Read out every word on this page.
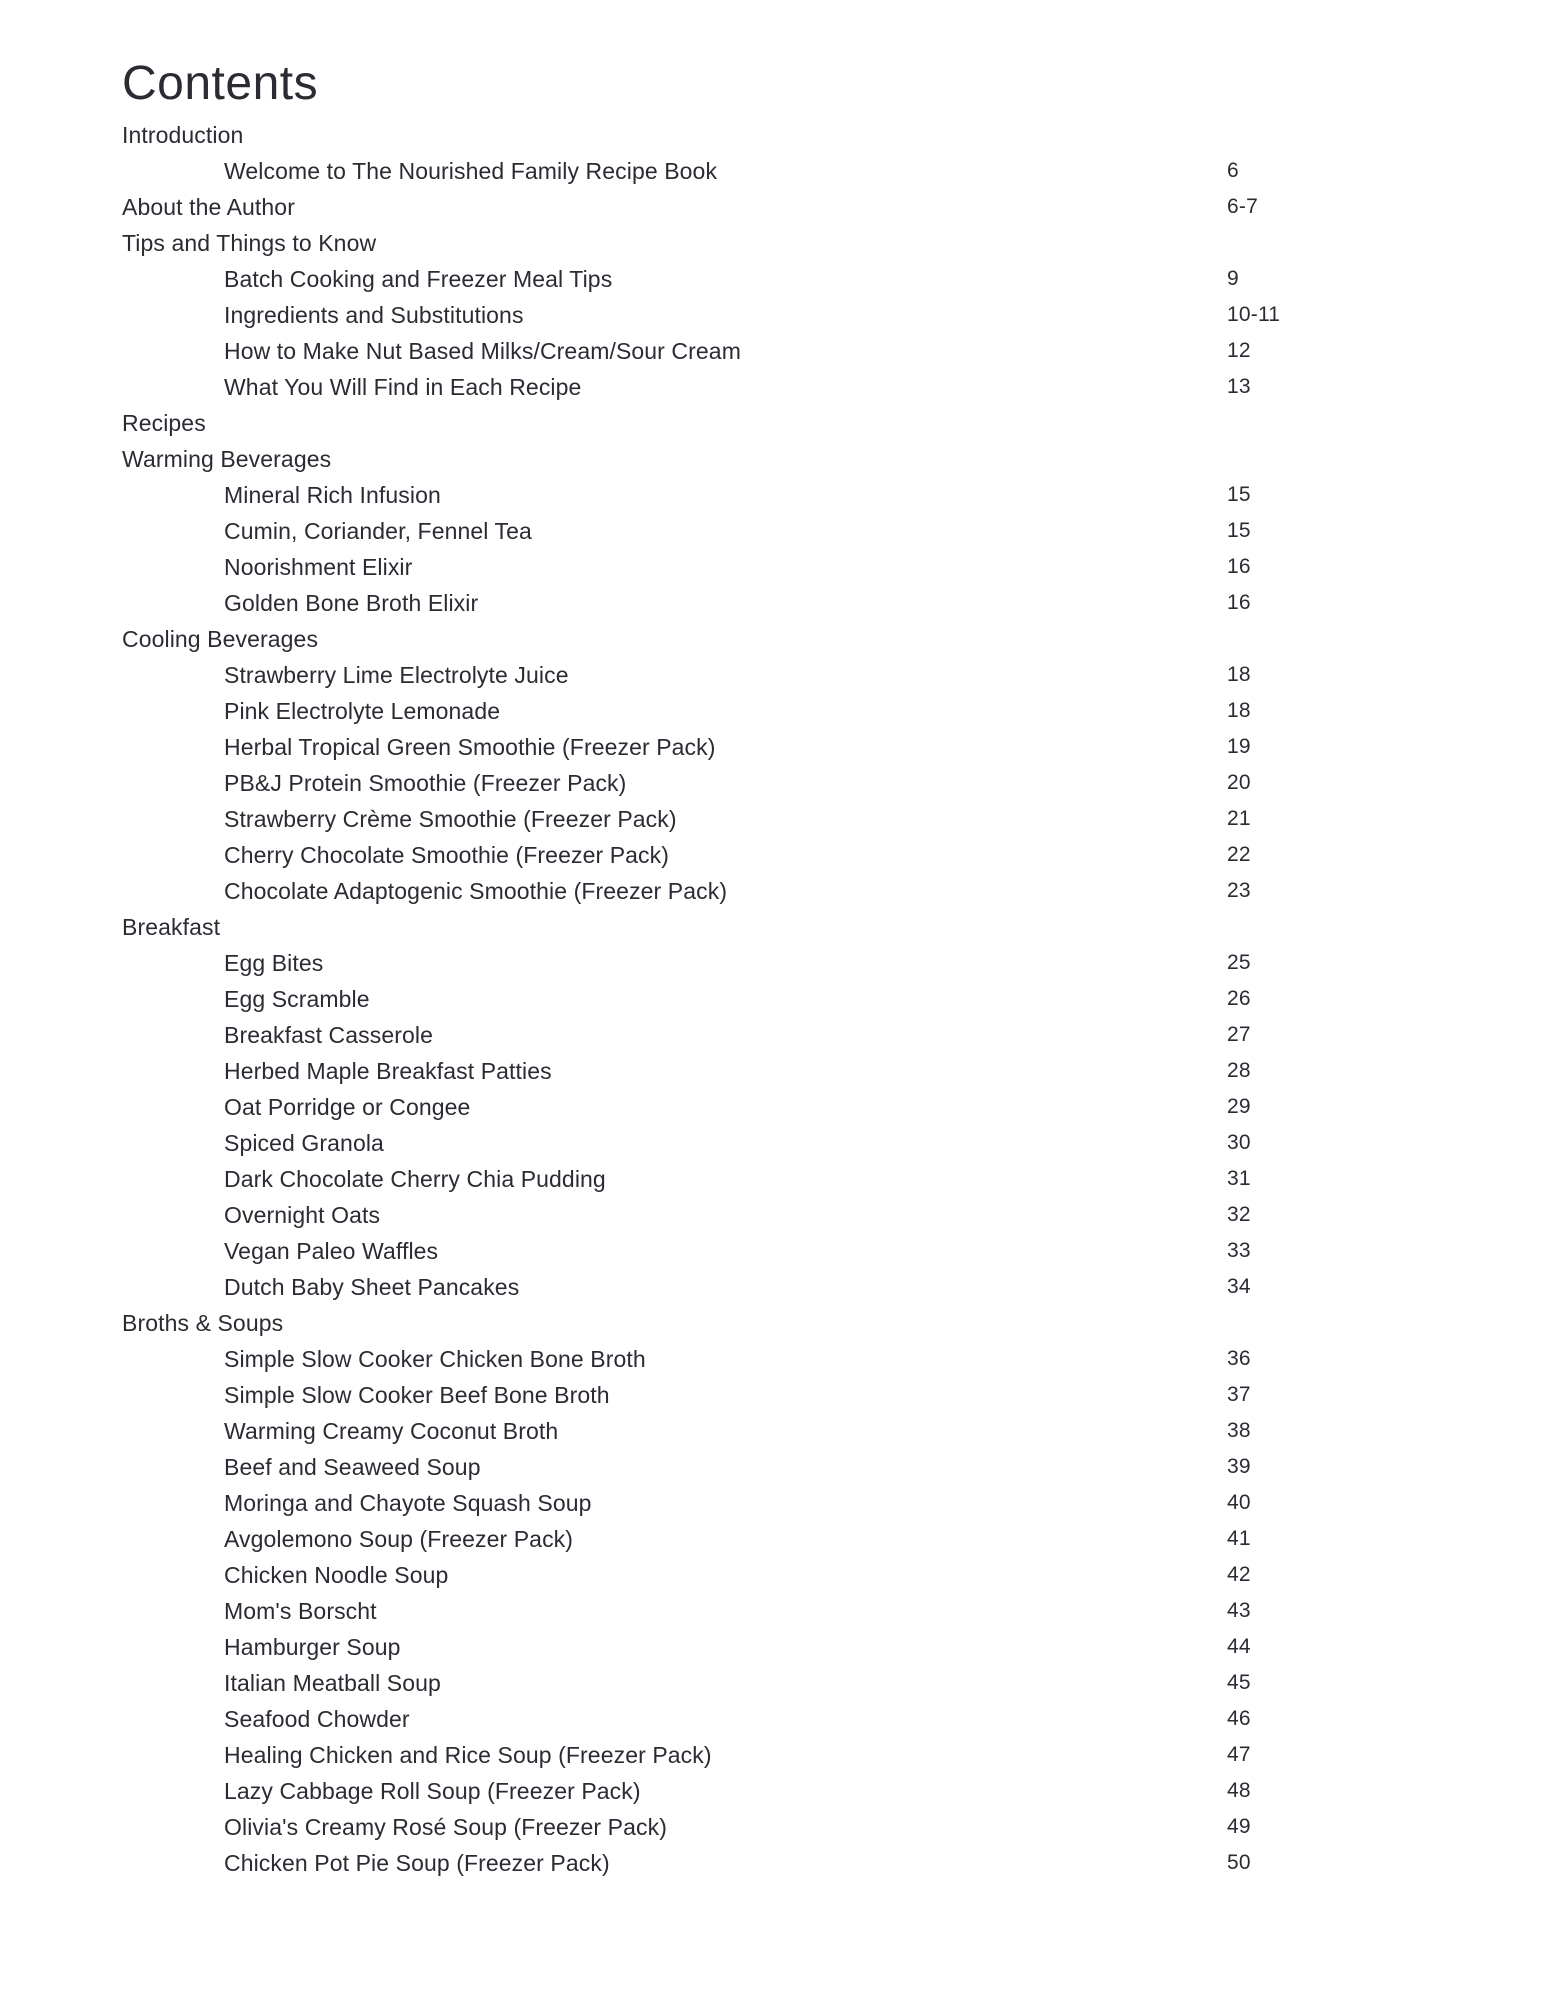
Contents
Introduction
Welcome to The Nourished Family Recipe Book	6
About the Author	6-7
Tips and Things to Know
Batch Cooking and Freezer Meal Tips	9
Ingredients and Substitutions	10-11
How to Make Nut Based Milks/Cream/Sour Cream	12
What You Will Find in Each Recipe	13
Recipes
Warming Beverages
Mineral Rich Infusion	15
Cumin, Coriander, Fennel Tea	15
Noorishment Elixir	16
Golden Bone Broth Elixir	16
Cooling Beverages
Strawberry Lime Electrolyte Juice	18
Pink Electrolyte Lemonade	18
Herbal Tropical Green Smoothie (Freezer Pack)	19
PB&J Protein Smoothie (Freezer Pack)	20
Strawberry Crème Smoothie (Freezer Pack)	21
Cherry Chocolate Smoothie (Freezer Pack)	22
Chocolate Adaptogenic Smoothie (Freezer Pack)	23
Breakfast
Egg Bites	25
Egg Scramble	26
Breakfast Casserole	27
Herbed Maple Breakfast Patties	28
Oat Porridge or Congee	29
Spiced Granola	30
Dark Chocolate Cherry Chia Pudding	31
Overnight Oats	32
Vegan Paleo Waffles	33
Dutch Baby Sheet Pancakes	34
Broths & Soups
Simple Slow Cooker Chicken Bone Broth	36
Simple Slow Cooker Beef Bone Broth	37
Warming Creamy Coconut Broth	38
Beef and Seaweed Soup	39
Moringa and Chayote Squash Soup	40
Avgolemono Soup (Freezer Pack)	41
Chicken Noodle Soup	42
Mom's Borscht	43
Hamburger Soup	44
Italian Meatball Soup	45
Seafood Chowder	46
Healing Chicken and Rice Soup (Freezer Pack)	47
Lazy Cabbage Roll Soup (Freezer Pack)	48
Olivia's Creamy Rosé Soup (Freezer Pack)	49
Chicken Pot Pie Soup (Freezer Pack)	50
